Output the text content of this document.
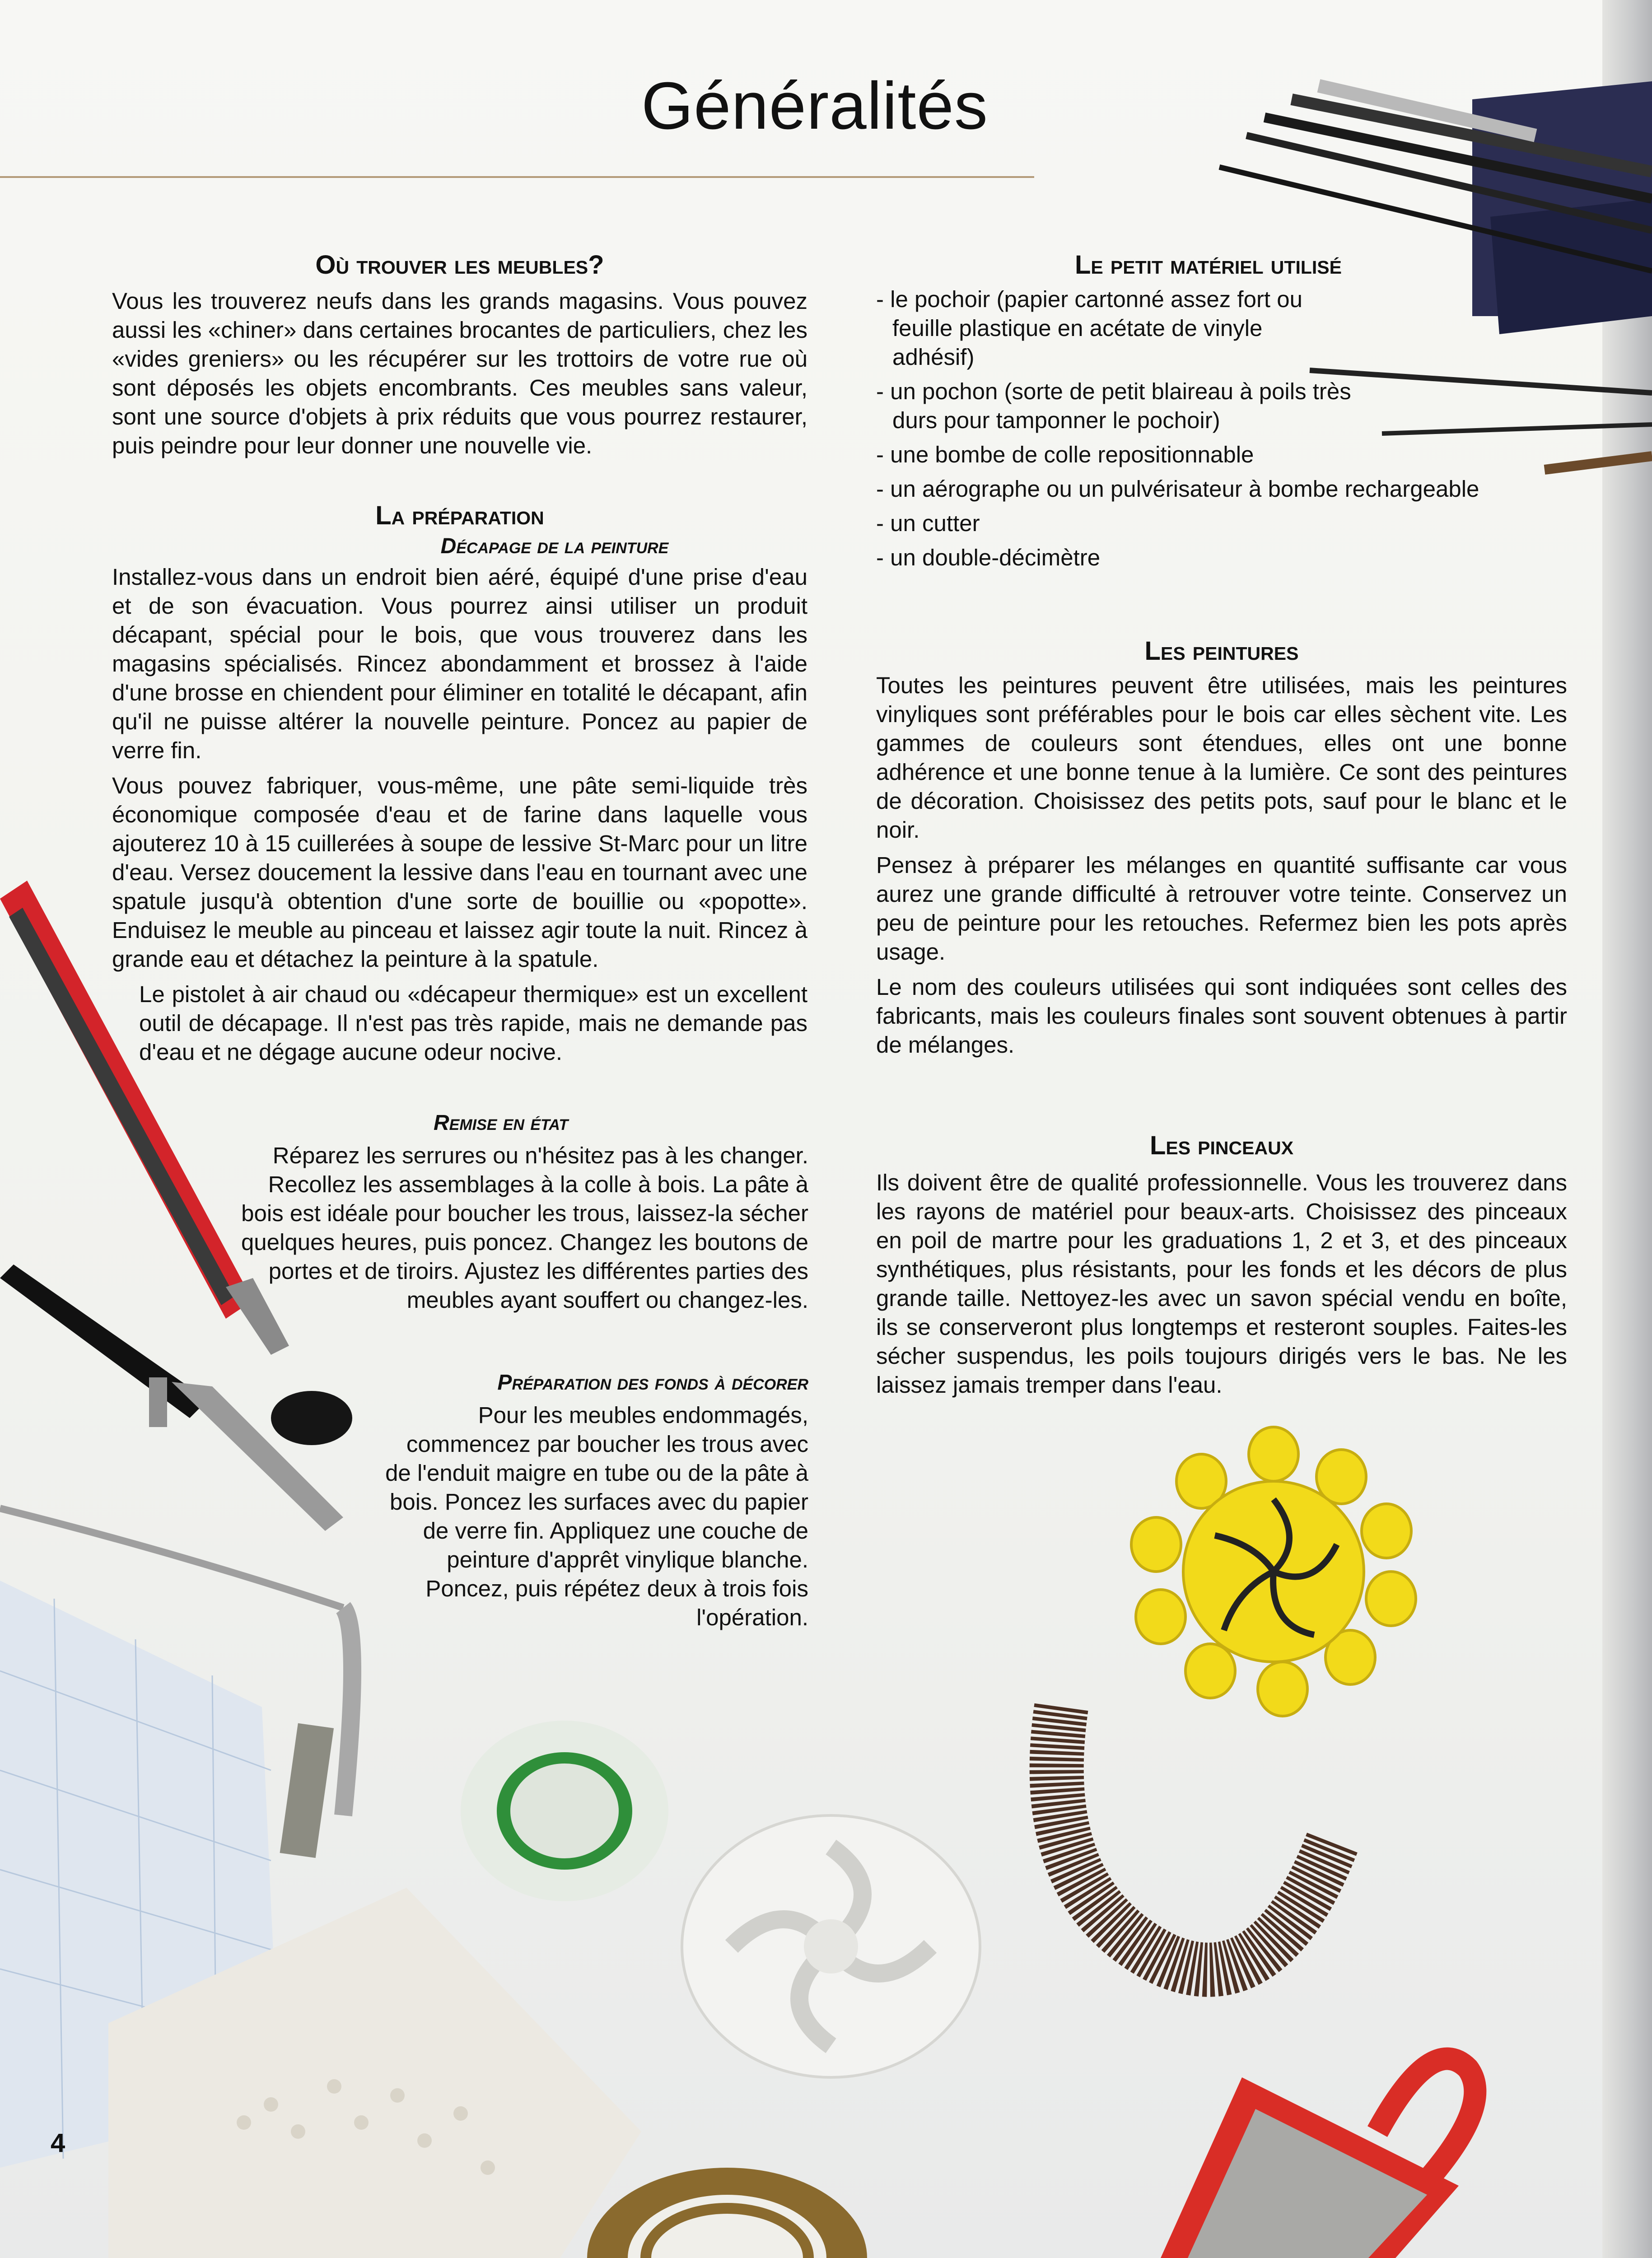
Généralités
Où trouver les meubles?

Vous les trouverez neufs dans les grands magasins. Vous pouvez aussi les «chiner» dans certaines brocantes de particuliers, chez les «vides greniers» ou les récupérer sur les trottoirs de votre rue où sont déposés les objets encombrants. Ces meubles sans valeur, sont une source d'objets à prix réduits que vous pourrez restaurer, puis peindre pour leur donner une nouvelle vie.

La préparation
Décapage de la peinture

Installez-vous dans un endroit bien aéré, équipé d'une prise d'eau et de son évacuation. Vous pourrez ainsi utiliser un produit décapant, spécial pour le bois, que vous trouverez dans les magasins spécialisés. Rincez abondamment et brossez à l'aide d'une brosse en chiendent pour éliminer en totalité le décapant, afin qu'il ne puisse altérer la nouvelle peinture. Poncez au papier de verre fin.

Vous pouvez fabriquer, vous-même, une pâte semi-liquide très économique composée d'eau et de farine dans laquelle vous ajouterez 10 à 15 cuillerées à soupe de lessive St-Marc pour un litre d'eau. Versez doucement la lessive dans l'eau en tournant avec une spatule jusqu'à obtention d'une sorte de bouillie ou «popotte». Enduisez le meuble au pinceau et laissez agir toute la nuit. Rincez à grande eau et détachez la peinture à la spatule.

Le pistolet à air chaud ou «décapeur thermique» est un excellent outil de décapage. Il n'est pas très rapide, mais ne demande pas d'eau et ne dégage aucune odeur nocive.

Remise en état

Réparez les serrures ou n'hésitez pas à les changer. Recollez les assemblages à la colle à bois. La pâte à bois est idéale pour boucher les trous, laissez-la sécher quelques heures, puis poncez. Changez les boutons de portes et de tiroirs. Ajustez les différentes parties des meubles ayant souffert ou changez-les.

Préparation des fonds à décorer

Pour les meubles endommagés, commencez par boucher les trous avec de l'enduit maigre en tube ou de la pâte à bois. Poncez les surfaces avec du papier de verre fin. Appliquez une couche de peinture d'apprêt vinylique blanche. Poncez, puis répétez deux à trois fois l'opération.

Le petit matériel utilisé

- le pochoir (papier cartonné assez fort ou feuille plastique en acétate de vinyle adhésif)

- un pochon (sorte de petit blaireau à poils très durs pour tamponner le pochoir)

- une bombe de colle repositionnable

- un aérographe ou un pulvérisateur à bombe rechargeable

- un cutter

- un double-décimètre

Les peintures

Toutes les peintures peuvent être utilisées, mais les peintures vinyliques sont préférables pour le bois car elles sèchent vite. Les gammes de couleurs sont étendues, elles ont une bonne adhérence et une bonne tenue à la lumière. Ce sont des peintures de décoration. Choisissez des petits pots, sauf pour le blanc et le noir.

Pensez à préparer les mélanges en quantité suffisante car vous aurez une grande difficulté à retrouver votre teinte. Conservez un peu de peinture pour les retouches. Refermez bien les pots après usage.

Le nom des couleurs utilisées qui sont indiquées sont celles des fabricants, mais les couleurs finales sont souvent obtenues à partir de mélanges.

Les pinceaux

Ils doivent être de qualité professionnelle. Vous les trouverez dans les rayons de matériel pour beaux-arts. Choisissez des pinceaux en poil de martre pour les graduations 1, 2 et 3, et des pinceaux synthétiques, plus résistants, pour les fonds et les décors de plus grande taille. Nettoyez-les avec un savon spécial vendu en boîte, ils se conserveront plus longtemps et resteront souples. Faites-les sécher suspendus, les poils toujours dirigés vers le bas. Ne les laissez jamais tremper dans l'eau.

4
